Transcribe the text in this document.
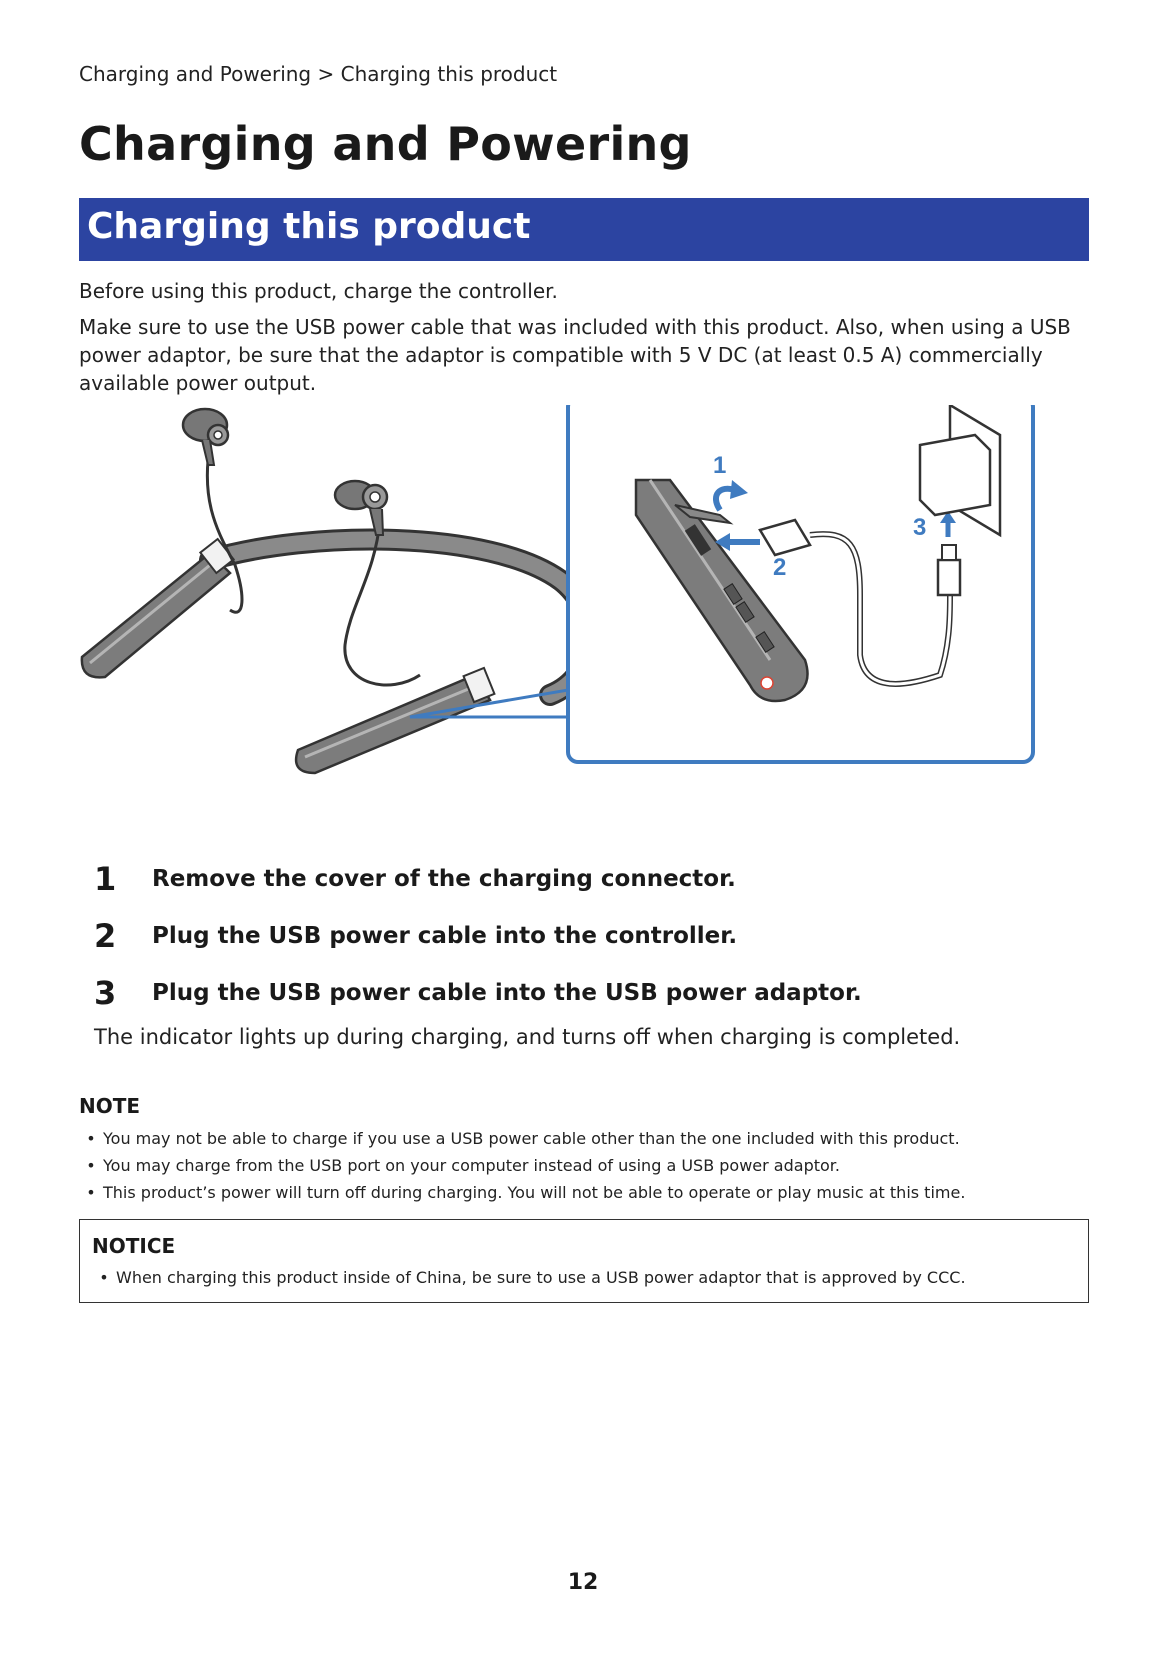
Charging and Powering > Charging this product
Charging and Powering
Charging this product
Before using this product, charge the controller.
Make sure to use the USB power cable that was included with this product. Also, when using a USB power adaptor, be sure that the adaptor is compatible with 5 V DC (at least 0.5 A) commercially available power output.
1
2
3
1	Remove the cover of the charging connector.
2	Plug the USB power cable into the controller.
3	Plug the USB power cable into the USB power adaptor.
The indicator lights up during charging, and turns off when charging is completed.
NOTE
• You may not be able to charge if you use a USB power cable other than the one included with this product.
• You may charge from the USB port on your computer instead of using a USB power adaptor.
• This product’s power will turn off during charging. You will not be able to operate or play music at this time.
NOTICE
• When charging this product inside of China, be sure to use a USB power adaptor that is approved by CCC.
12
